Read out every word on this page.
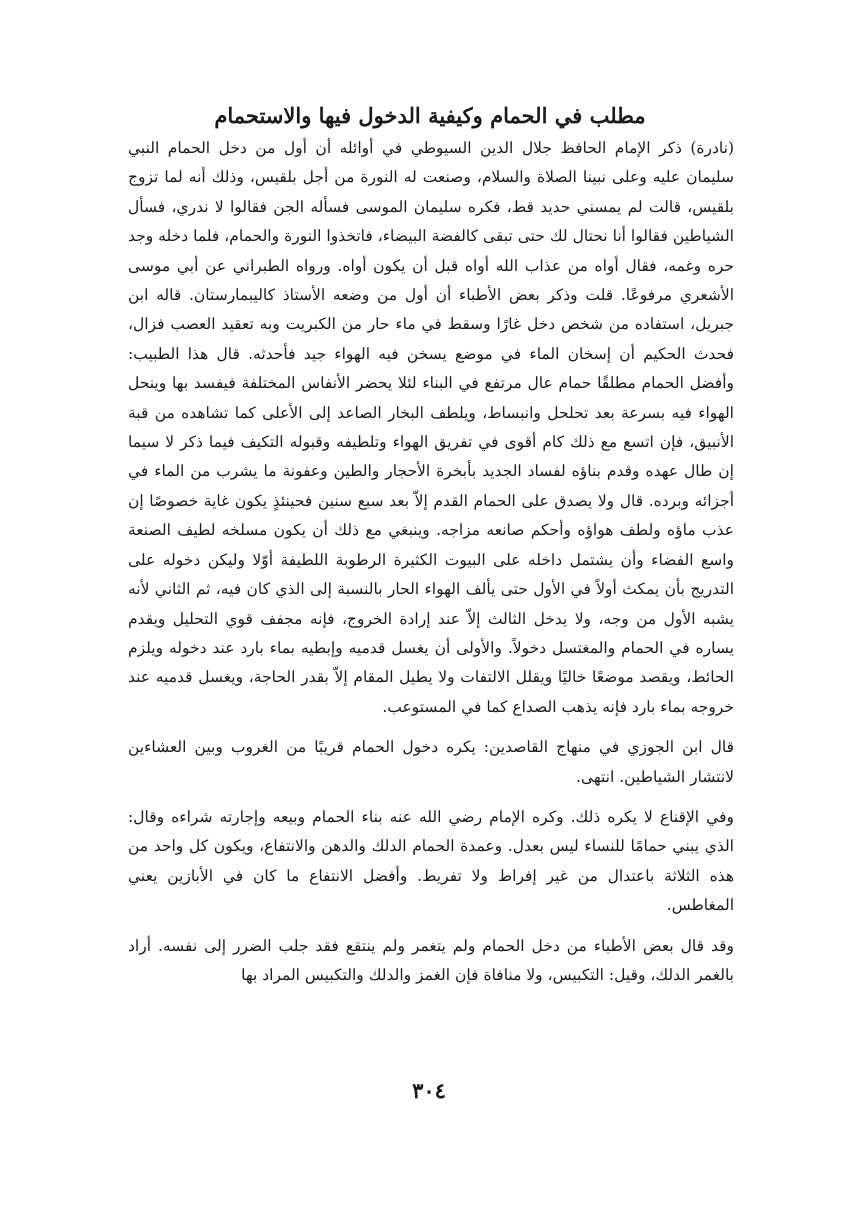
مطلب في الحمام وكيفية الدخول فيها والاستحمام

(نادرة) ذكر الإمام الحافظ جلال الدين السيوطي في أوائله أن أول من دخل الحمام النبي سليمان عليه وعلى نبينا الصلاة والسلام، وصنعت له النورة من أجل بلقيس، وذلك أنه لما تزوج بلقيس، قالت لم يمسني حديد قط، فكره سليمان الموسى فسأله الجن فقالوا لا ندري، فسأل الشياطين فقالوا أنا نحتال لك حتى تبقى كالفضة البيضاء، فاتخذوا النورة والحمام، فلما دخله وجد حره وغمه، فقال أواه من عذاب الله أواه قبل أن يكون أواه. ورواه الطبراني عن أبي موسى الأشعري مرفوعًا. قلت وذكر بعض الأطباء أن أول من وضعه الأستاذ كاليبمارستان. قاله ابن جبريل، استفاده من شخص دخل غارًا وسقط في ماء حار من الكبريت وبه تعقيد العصب فزال، فحدث الحكيم أن إسخان الماء في موضع يسخن فيه الهواء جيد فأحدثه. قال هذا الطبيب: وأفضل الحمام مطلقًا حمام عال مرتفع في البناء لئلا يحضر الأنفاس المختلفة فيفسد بها وينحل الهواء فيه بسرعة بعد تحلحل وانبساط، ويلطف البخار الصاعد إلى الأعلى كما تشاهده من قبة الأنبيق، فإن اتسع مع ذلك كام أقوى في تفريق الهواء وتلطيفه وقبوله التكيف فيما ذكر لا سيما إن طال عهده وقدم بناؤه لفساد الجديد بأبخرة الأحجار والطين وعفونة ما يشرب من الماء في أجزائه وبرده. قال ولا يصدق على الحمام القدم إلاّ بعد سبع سنين فحينئذٍ يكون غاية خصوصًا إن عذب ماؤه ولطف هواؤه وأحكم صانعه مزاجه. وينبغي مع ذلك أن يكون مسلخه لطيف الصنعة واسع الفضاء وأن يشتمل داخله على البيوت الكثيرة الرطوبة اللطيفة أوّلا وليكن دخوله على التدريج بأن يمكث أولاً في الأول حتى يألف الهواء الحار بالنسبة إلى الذي كان فيه، ثم الثاني لأنه يشبه الأول من وجه، ولا يدخل الثالث إلاّ عند إرادة الخروج، فإنه مجفف قوي التحليل ويقدم يساره في الحمام والمغتسل دخولاً. والأولى أن يغسل قدميه وإبطيه بماء بارد عند دخوله ويلزم الحائط، ويقصد موضعًا خاليًا ويقلل الالتفات ولا يطيل المقام إلاّ بقدر الحاجة، ويغسل قدميه عند خروجه بماء بارد فإنه يذهب الصداع كما في المستوعب.

قال ابن الجوزي في منهاج القاصدين: يكره دخول الحمام قريبًا من الغروب وبين العشاءين لانتشار الشياطين. انتهى.

وفي الإقناع لا يكره ذلك. وكره الإمام رضي الله عنه بناء الحمام وبيعه وإجارته شراءه وقال: الذي يبني حمامًا للنساء ليس بعدل. وعمدة الحمام الدلك والدهن والانتفاع، ويكون كل واحد من هذه الثلاثة باعتدال من غير إفراط ولا تفريط. وأفضل الانتفاع ما كان في الأبازين يعني المغاطس.

وقد قال بعض الأطباء من دخل الحمام ولم يتغمر ولم ينتقع فقد جلب الضرر إلى نفسه. أراد بالغمر الدلك، وقيل: التكبيس، ولا منافاة فإن الغمز والدلك والتكبيس المراد بها

٣٠٤
